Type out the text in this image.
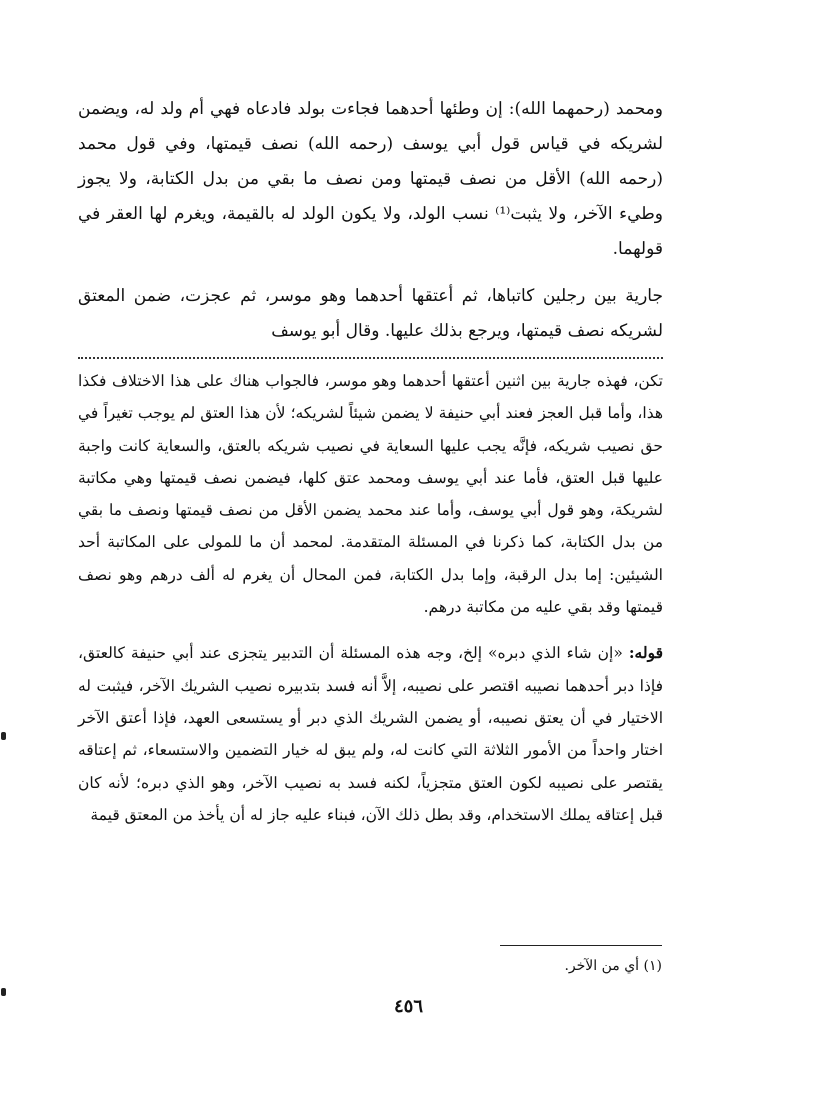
ومحمد (رحمهما الله): إن وطئها أحدهما فجاءت بولد فادعاه فهي أم ولد له، ويضمن لشريكه في قياس قول أبي يوسف (رحمه الله) نصف قيمتها، وفي قول محمد (رحمه الله) الأقل من نصف قيمتها ومن نصف ما بقي من بدل الكتابة، ولا يجوز وطيء الآخر، ولا يثبت⁽¹⁾ نسب الولد، ولا يكون الولد له بالقيمة، ويغرم لها العقر في قولهما.

جارية بين رجلين كاتباها، ثم أعتقها أحدهما وهو موسر، ثم عجزت، ضمن المعتق لشريكه نصف قيمتها، ويرجع بذلك عليها. وقال أبو يوسف

تكن، فهذه جارية بين اثنين أعتقها أحدهما وهو موسر، فالجواب هناك على هذا الاختلاف فكذا هذا، وأما قبل العجز فعند أبي حنيفة لا يضمن شيئاً لشريكه؛ لأن هذا العتق لم يوجب تغيراً في حق نصيب شريكه، فإنَّه يجب عليها السعاية في نصيب شريكه بالعتق، والسعاية كانت واجبة عليها قبل العتق، فأما عند أبي يوسف ومحمد عتق كلها، فيضمن نصف قيمتها وهي مكاتبة لشريكة، وهو قول أبي يوسف، وأما عند محمد يضمن الأقل من نصف قيمتها ونصف ما بقي من بدل الكتابة، كما ذكرنا في المسئلة المتقدمة. لمحمد أن ما للمولى على المكاتبة أحد الشيئين: إما بدل الرقبة، وإما بدل الكتابة، فمن المحال أن يغرم له ألف درهم وهو نصف قيمتها وقد بقي عليه من مكاتبة درهم.

قوله: «إن شاء الذي دبره» إلخ، وجه هذه المسئلة أن التدبير يتجزى عند أبي حنيفة كالعتق، فإذا دبر أحدهما نصيبه اقتصر على نصيبه، إلاَّ أنه فسد بتدبيره نصيب الشريك الآخر، فيثبت له الاختيار في أن يعتق نصيبه، أو يضمن الشريك الذي دبر أو يستسعى العهد، فإذا أعتق الآخر اختار واحداً من الأمور الثلاثة التي كانت له، ولم يبق له خيار التضمين والاستسعاء، ثم إعتاقه يقتصر على نصيبه لكون العتق متجزياً، لكنه فسد به نصيب الآخر، وهو الذي دبره؛ لأنه كان قبل إعتاقه يملك الاستخدام، وقد بطل ذلك الآن، فبناء عليه جاز له أن يأخذ من المعتق قيمة

(١) أي من الآخر.
٤٥٦
